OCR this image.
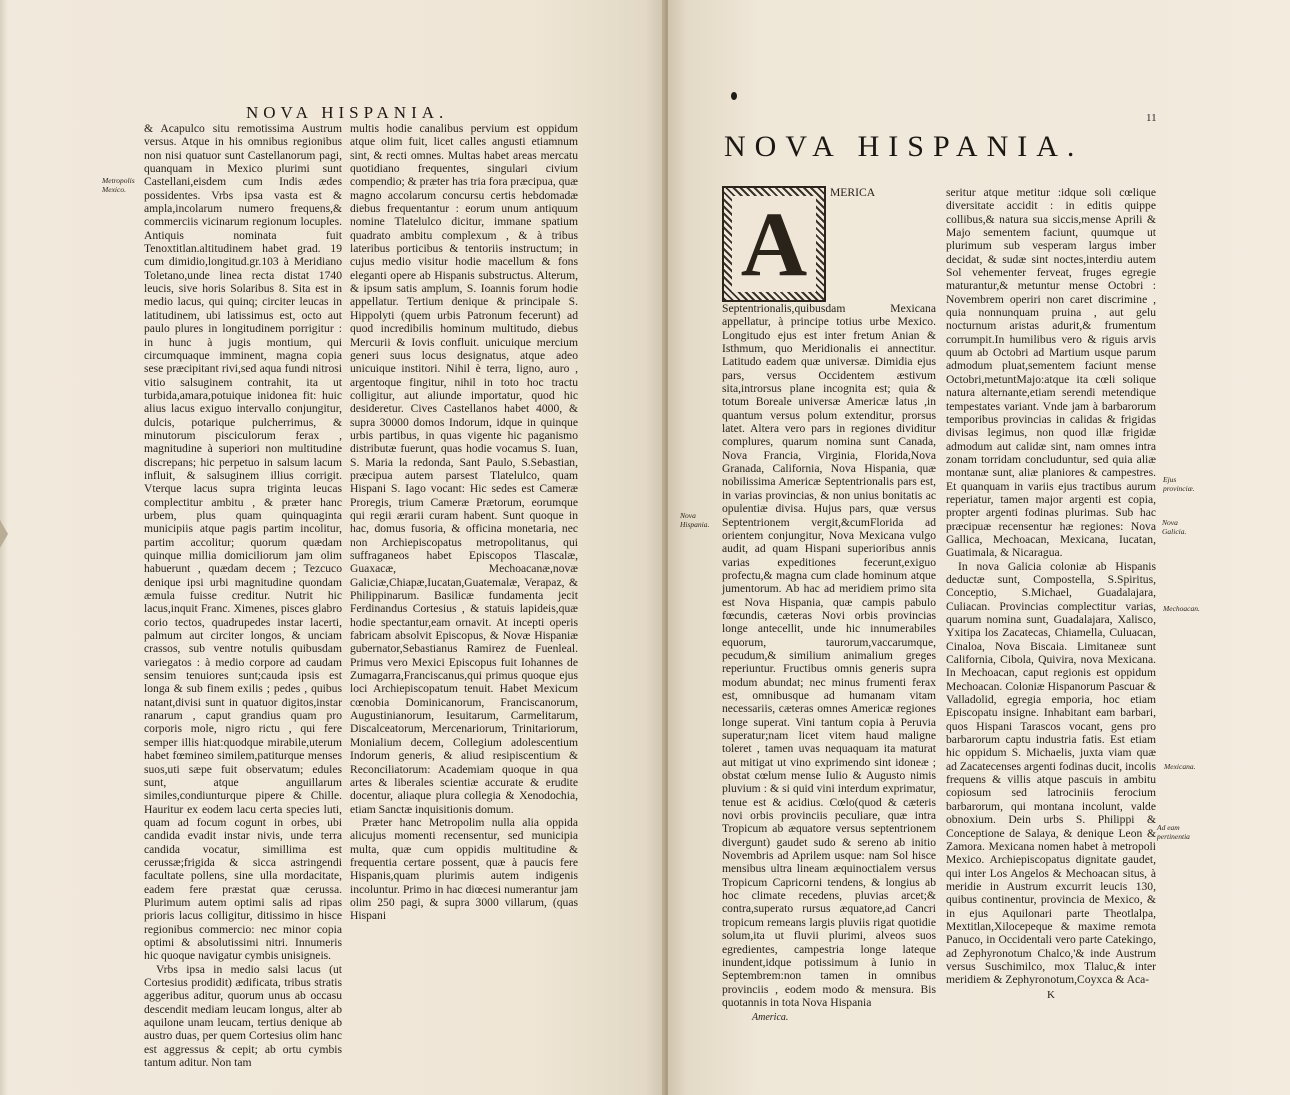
NOVA HISPANIA.
Metropolis Mexico.

& Acapulco situ remotissima Austrum versus. Atque in his omnibus regionibus non nisi quatuor sunt Castellanorum pagi, quanquam in Mexico plurimi sunt Castellani,eisdem cum Indis ædes possidentes. Vrbs ipsa vasta est & ampla,incolarum numero frequens,& commerciis vicinarum regionum locuples. Antiquis nominata fuit Tenoxtitlan.altitudinem habet grad. 19 cum dimidio,longitud.gr.103 à Meridiano Toletano,unde linea recta distat 1740 leucis, sive horis Solaribus 8. Sita est in medio lacus, qui quinq; circiter leucas in latitudinem, ubi latissimus est, octo aut paulo plures in longitudinem porrigitur : in hunc à jugis montium, qui circumquaque imminent, magna copia sese præcipitant rivi,sed aqua fundi nitrosi vitio salsuginem contrahit, ita ut turbida,amara,potuique inidonea fit: huic alius lacus exiguo intervallo conjungitur, dulcis, potarique pulcherrimus, & minutorum pisciculorum ferax , magnitudine à superiori non multitudine discrepans; hic perpetuo in salsum lacum influit, & salsuginem illius corrigit. Vterque lacus supra triginta leucas complectitur ambitu , & præter hanc urbem, plus quam quinquaginta municipiis atque pagis partim incolitur, partim accolitur; quorum quædam quinque millia domiciliorum jam olim habuerunt , quædam decem ; Tezcuco denique ipsi urbi magnitudine quondam æmula fuisse creditur. Nutrit hic lacus,inquit Franc. Ximenes, pisces glabro corio tectos, quadrupedes instar lacerti, palmum aut circiter longos, & unciam crassos, sub ventre notulis quibusdam variegatos : à medio corpore ad caudam sensim tenuiores sunt;cauda ipsis est longa & sub finem exilis ; pedes , quibus natant,divisi sunt in quatuor digitos,instar ranarum , caput grandius quam pro corporis mole, nigro rictu , qui fere semper illis hiat:quodque mirabile,uterum habet fœmineo similem,patiturque menses suos,uti sæpe fuit observatum; edules sunt, atque anguillarum similes,condiunturque pipere & Chille. Hauritur ex eodem lacu certa species luti, quam ad focum cogunt in orbes, ubi candida evadit instar nivis, unde terra candida vocatur, simillima est cerussæ;frigida & sicca astringendi facultate pollens, sine ulla mordacitate, eadem fere præstat quæ cerussa. Plurimum autem optimi salis ad ripas prioris lacus colligitur, ditissimo in hisce regionibus commercio: nec minor copia optimi & absolutissimi nitri. Innumeris hic quoque navigatur cymbis unisigneis.

Vrbs ipsa in medio salsi lacus (ut Cortesius prodidit) ædificata, tribus stratis aggeribus aditur, quorum unus ab occasu descendit mediam leucam longus, alter ab aquilone unam leucam, tertius denique ab austro duas, per quem Cortesius olim hanc est aggressus & cepit; ab ortu cymbis tantum aditur. Non tam

multis hodie canalibus pervium est oppidum atque olim fuit, licet calles angusti etiamnum sint, & recti omnes. Multas habet areas mercatu quotidiano frequentes, singulari civium compendio; & præter has tria fora præcipua, quæ magno accolarum concursu certis hebdomadæ diebus frequentantur : eorum unum antiquum nomine Tlatelulco dicitur, immane spatium quadrato ambitu complexum , & à tribus lateribus porticibus & tentoriis instructum; in cujus medio visitur hodie macellum & fons eleganti opere ab Hispanis substructus. Alterum, & ipsum satis amplum, S. Ioannis forum hodie appellatur. Tertium denique & principale S. Hippolyti (quem urbis Patronum fecerunt) ad quod incredibilis hominum multitudo, diebus Mercurii & Iovis confluit. unicuique mercium generi suus locus designatus, atque adeo unicuique institori. Nihil è terra, ligno, auro , argentoque fingitur, nihil in toto hoc tractu colligitur, aut aliunde importatur, quod hic desideretur. Cives Castellanos habet 4000, & supra 30000 domos Indorum, idque in quinque urbis partibus, in quas vigente hic paganismo distributæ fuerunt, quas hodie vocamus S. Iuan, S. Maria la redonda, Sant Paulo, S.Sebastian, præcipua autem parsest Tlatelulco, quam Hispani S. Iago vocant: Hic sedes est Cameræ Proregis, trium Cameræ Prætorum, eorumque qui regii ærarii curam habent. Sunt quoque in hac, domus fusoria, & officina monetaria, nec non Archiepiscopatus metropolitanus, qui suffraganeos habet Episcopos Tlascalæ, Guaxacæ, Mechoacanæ,novæ Galiciæ,Chiapæ,Iucatan,Guatemalæ, Verapaz, & Philippinarum. Basilicæ fundamenta jecit Ferdinandus Cortesius , & statuis lapideis,quæ hodie spectantur,eam ornavit. At incepti operis fabricam absolvit Episcopus, & Novæ Hispaniæ gubernator,Sebastianus Ramirez de Fuenleal. Primus vero Mexici Episcopus fuit Iohannes de Zumagarra,Franciscanus,qui primus quoque ejus loci Archiepiscopatum tenuit. Habet Mexicum cœnobia Dominicanorum, Franciscanorum, Augustinianorum, Iesuitarum, Carmelitarum, Discalceatorum, Mercenariorum, Trinitariorum, Monialium decem, Collegium adolescentium Indorum generis, & aliud resipiscentium & Reconciliatorum: Academiam quoque in qua artes & liberales scientiæ accurate & erudite docentur, aliaque plura collegia & Xenodochia, etiam Sanctæ inquisitionis domum.

Præter hanc Metropolim nulla alia oppida alicujus momenti recensentur, sed municipia multa, quæ cum oppidis multitudine & frequentia certare possent, quæ à paucis fere Hispanis,quam plurimis autem indigenis incoluntur. Primo in hac diœcesi numerantur jam olim 250 pagi, & supra 3000 villarum, (quas Hispani

11
NOVA HISPANIA.

MERICA Septentrionalis,quibusdam Mexicana appellatur, à principe totius urbe Mexico. Longitudo ejus est inter fretum Anian & Isthmum, quo Meridionalis ei annectitur. Latitudo eadem quæ universæ. Dimidia ejus pars, versus Occidentem æstivum sita,introrsus plane incognita est; quia & totum Boreale universæ Americæ latus ,in quantum versus polum extenditur, prorsus latet. Altera vero pars in regiones dividitur complures, quarum nomina sunt Canada, Nova Francia, Virginia, Florida,Nova Granada, California, Nova Hispania, quæ nobilissima Americæ Septentrionalis pars est, in varias provincias, & non unius bonitatis ac opulentiæ divisa. Hujus pars, quæ versus Septentrionem vergit,&cumFlorida ad orientem conjungitur, Nova Mexicana vulgo audit, ad quam Hispani superioribus annis varias expeditiones fecerunt,exiguo profectu,& magna cum clade hominum atque jumentorum. Ab hac ad meridiem primo sita est Nova Hispania, quæ campis pabulo fœcundis, cæteras Novi orbis provincias longe antecellit, unde hic innumerabiles equorum, taurorum,vaccarumque, pecudum,& similium animalium greges reperiuntur. Fructibus omnis generis supra modum abundat; nec minus frumenti ferax est, omnibusque ad humanam vitam necessariis, cæteras omnes Americæ regiones longe superat. Vini tantum copia à Peruvia superatur;nam licet vitem haud maligne toleret , tamen uvas nequaquam ita maturat aut mitigat ut vino exprimendo sint idoneæ ; obstat cœlum mense Iulio & Augusto nimis pluvium : & si quid vini interdum exprimatur, tenue est & acidius. Cœlo(quod & cæteris novi orbis provinciis peculiare, quæ intra Tropicum ab æquatore versus septentrionem divergunt) gaudet sudo & sereno ab initio Novembris ad Aprilem usque: nam Sol hisce mensibus ultra lineam æquinoctialem versus Tropicum Capricorni tendens, & longius ab hoc climate recedens, pluvias arcet;& contra,superato rursus æquatore,ad Cancri tropicum remeans largis pluviis rigat quotidie solum,ita ut fluvii plurimi, alveos suos egredientes, campestria longe lateque inundent,idque potissimum à Iunio in Septembrem:non tamen in omnibus provinciis , eodem modo & mensura. Bis quotannis in tota Nova Hispania

America.
A

seritur atque metitur :idque soli cœlique diversitate accidit : in editis quippe collibus,& natura sua siccis,mense Aprili & Majo sementem faciunt, quumque ut plurimum sub vesperam largus imber decidat, & sudæ sint noctes,interdiu autem Sol vehementer ferveat, fruges egregie maturantur,& metuntur mense Octobri : Novembrem operiri non caret discrimine , quia nonnunquam pruina , aut gelu nocturnum aristas adurit,& frumentum corrumpit.In humilibus vero & riguis arvis quum ab Octobri ad Martium usque parum admodum pluat,sementem faciunt mense Octobri,metuntMajo:atque ita cœli solique natura alternante,etiam serendi metendique tempestates variant. Vnde jam à barbarorum temporibus provincias in calidas & frigidas divisas legimus, non quod illæ frigidæ admodum aut calidæ sint, nam omnes intra zonam torridam concluduntur, sed quia aliæ montanæ sunt, aliæ planiores & campestres. Et quanquam in variis ejus tractibus aurum reperiatur, tamen major argenti est copia, propter argenti fodinas plurimas. Sub hac præcipuæ recensentur hæ regiones: Nova Gallica, Mechoacan, Mexicana, Iucatan, Guatimala, & Nicaragua.

In nova Galicia coloniæ ab Hispanis deductæ sunt, Compostella, S.Spiritus, Conceptio, S.Michael, Guadalajara, Culiacan. Provincias complectitur varias, quarum nomina sunt, Guadalajara, Xalisco, Yxitipa los Zacatecas, Chiamella, Culuacan, Cinaloa, Nova Biscaia. Limitaneæ sunt California, Cibola, Quivira, nova Mexicana. In Mechoacan, caput regionis est oppidum Mechoacan. Coloniæ Hispanorum Pascuar & Valladolid, egregia emporia, hoc etiam Episcopatu insigne. Inhabitant eam barbari, quos Hispani Tarascos vocant, gens pro barbarorum captu industria fatis. Est etiam hic oppidum S. Michaelis, juxta viam quæ ad Zacatecenses argenti fodinas ducit, incolis frequens & villis atque pascuis in ambitu copiosum sed latrociniis ferocium barbarorum, qui montana incolunt, valde obnoxium. Dein urbs S. Philippi & Conceptione de Salaya, & denique Leon & Zamora. Mexicana nomen habet à metropoli Mexico. Archiepiscopatus dignitate gaudet, qui inter Los Angelos & Mechoacan situs, à meridie in Austrum excurrit leucis 130, quibus continentur, provincia de Mexico, & in ejus Aquilonari parte Theotlalpa, Mextitlan,Xilocepeque & maxime remota Panuco, in Occidentali vero parte Catekingo, ad Zephyronotum Chalco,'& inde Austrum versus Suschimilco, mox Tlaluc,& inter meridiem & Zephyronotum,Coyxca & Aca-

K
Nova Hispania.
Ejus provinciæ.
Nova Galicia.
Mechoacan.
Mexicana.
Ad eam pertinentia
